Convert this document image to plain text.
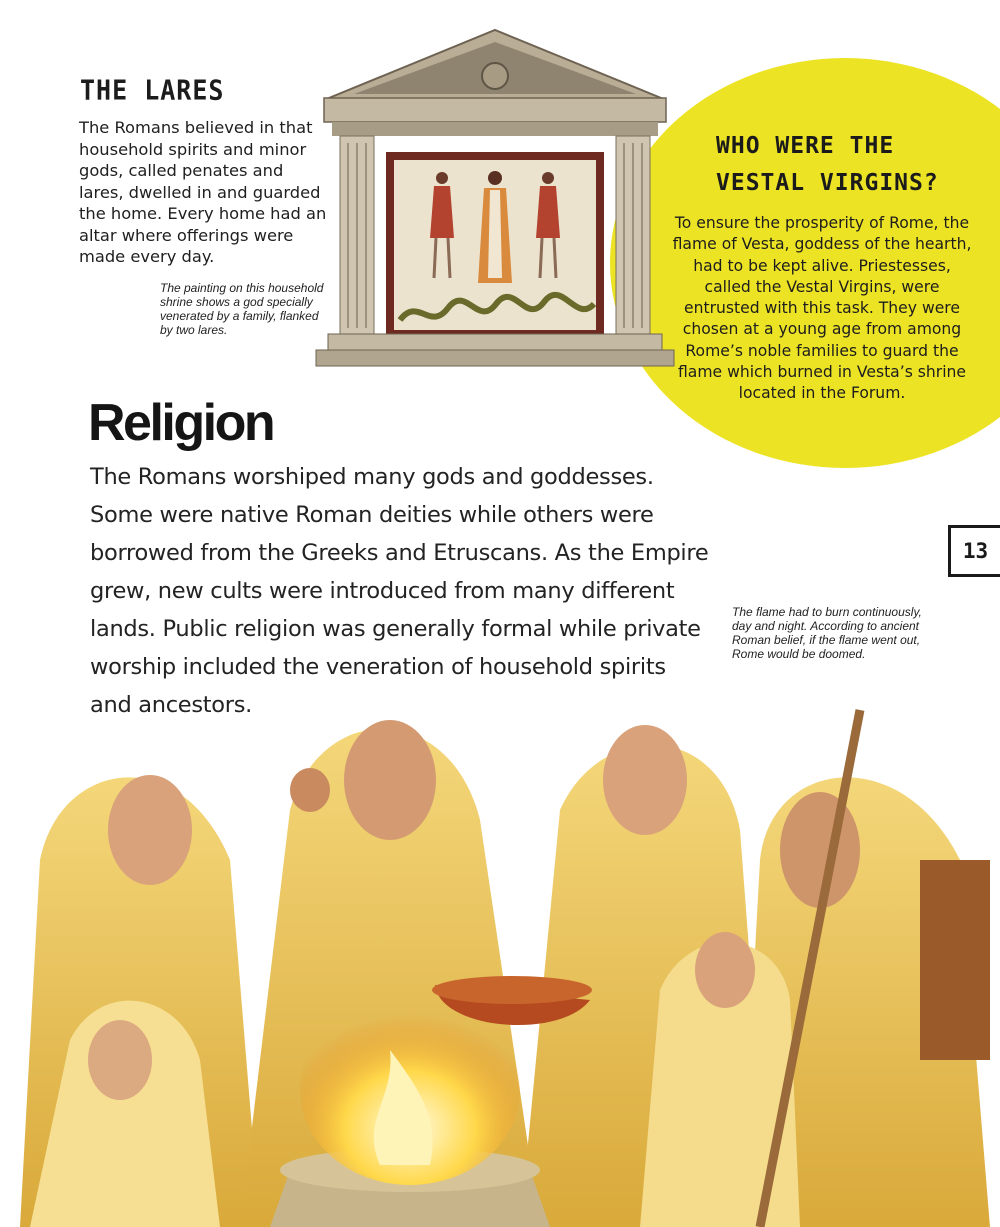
THE LARES

The Romans believed in that household spirits and minor gods, called penates and lares, dwelled in and guarded the home. Every home had an altar where offerings were made every day.

The painting on this household shrine shows a god specially venerated by a family, flanked by two lares.

WHO WERE THE
VESTAL VIRGINS?

To ensure the prosperity of Rome, the flame of Vesta, goddess of the hearth, had to be kept alive. Priestesses, called the Vestal Virgins, were entrusted with this task. They were chosen at a young age from among Rome’s noble families to guard the flame which burned in Vesta’s shrine located in the Forum.

Religion

The Romans worshiped many gods and goddesses. Some were native Roman deities while others were borrowed from the Greeks and Etruscans. As the Empire grew, new cults were introduced from many different lands. Public religion was generally formal while private worship included the veneration of household spirits and ancestors.

13

The flame had to burn continuously, day and night. According to ancient Roman belief, if the flame went out, Rome would be doomed.
